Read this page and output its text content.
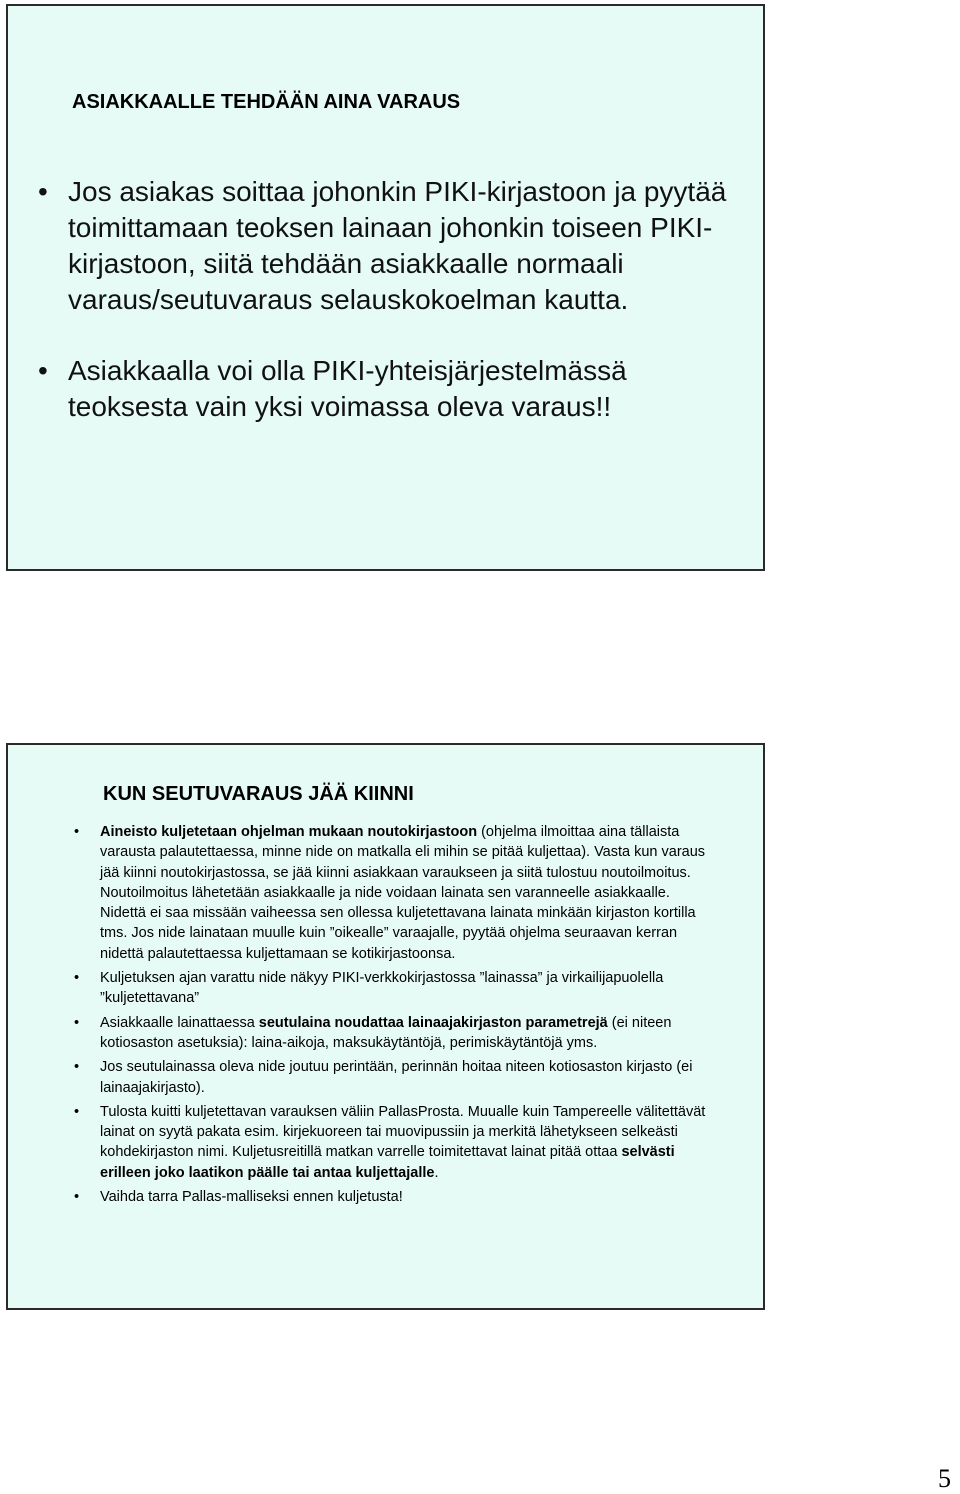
ASIAKKAALLE TEHDÄÄN AINA VARAUS
• Jos asiakas soittaa johonkin PIKI-kirjastoon ja pyytää toimittamaan teoksen lainaan johonkin toiseen PIKI-kirjastoon, siitä tehdään asiakkaalle normaali varaus/seutuvaraus selauskokoelman kautta.
• Asiakkaalla voi olla PIKI-yhteisjärjestelmässä teoksesta vain yksi voimassa oleva varaus!!
KUN SEUTUVARAUS JÄÄ KIINNI
• Aineisto kuljetetaan ohjelman mukaan noutokirjastoon (ohjelma ilmoittaa aina tällaista varausta palautettaessa, minne nide on matkalla eli mihin se pitää kuljettaa). Vasta kun varaus jää kiinni noutokirjastossa, se jää kiinni asiakkaan varaukseen ja siitä tulostuu noutoilmoitus. Noutoilmoitus lähetetään asiakkaalle ja nide voidaan lainata sen varanneelle asiakkaalle. Nidettä ei saa missään vaiheessa sen ollessa kuljetettavana lainata minkään kirjaston kortilla tms. Jos nide lainataan muulle kuin ”oikealle” varaajalle, pyytää ohjelma seuraavan kerran nidettä palautettaessa kuljettamaan se kotikirjastoonsa.
• Kuljetuksen ajan varattu nide näkyy PIKI-verkkokirjastossa ”lainassa” ja virkailijapuolella ”kuljetettavana”
• Asiakkaalle lainattaessa seutulaina noudattaa lainaajakirjaston parametrejä (ei niteen kotiosaston asetuksia): laina-aikoja, maksukäytäntöjä, perimiskäytäntöjä yms.
• Jos seutulainassa oleva nide joutuu perintään, perinnän hoitaa niteen kotiosaston kirjasto (ei lainaajakirjasto).
• Tulosta kuitti kuljetettavan varauksen väliin PallasProsta. Muualle kuin Tampereelle välitettävät lainat on syytä pakata esim. kirjekuoreen tai muovipussiin ja merkitä lähetykseen selkeästi kohdekirjaston nimi. Kuljetusreitillä matkan varrelle toimitettavat lainat pitää ottaa selvästi erilleen joko laatikon päälle tai antaa kuljettajalle.
• Vaihda tarra Pallas-malliseksi ennen kuljetusta!
5
